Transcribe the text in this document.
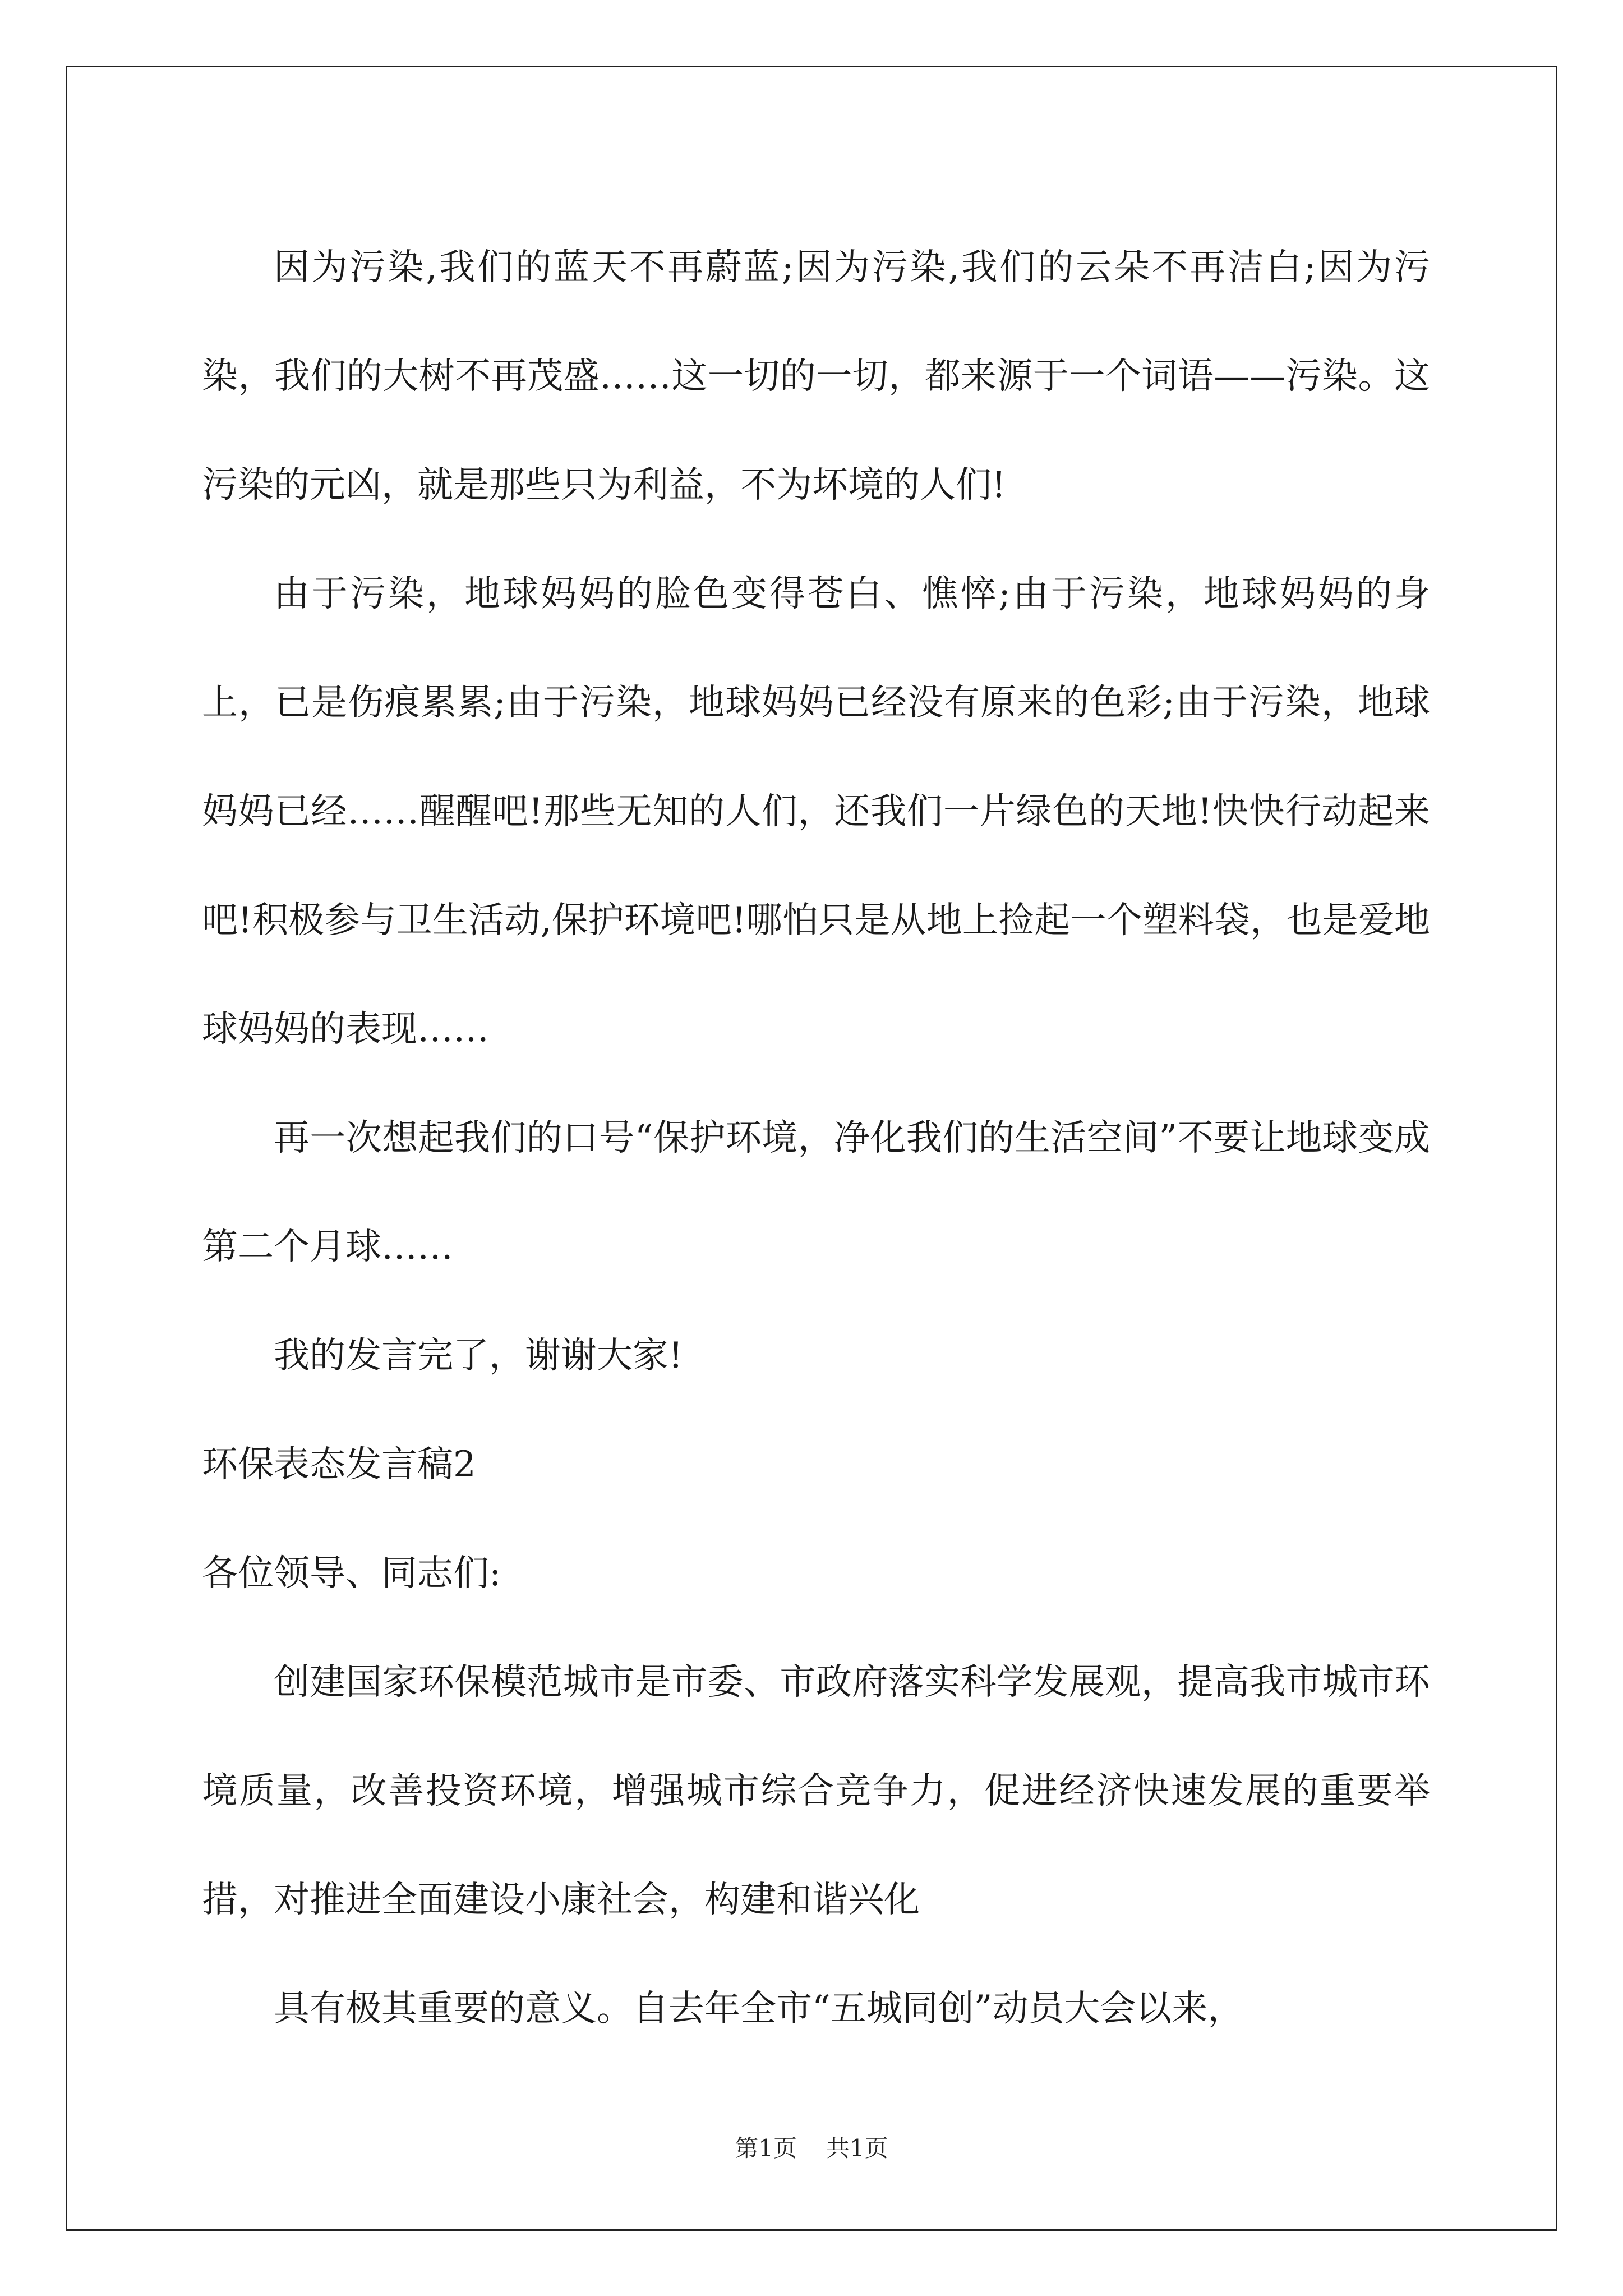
因为污染,我们的蓝天不再蔚蓝;因为污染,我们的云朵不再洁白;因为污染，我们的大树不再茂盛……这一切的一切，都来源于一个词语——污染。这污染的元凶，就是那些只为利益，不为坏境的人们!

由于污染，地球妈妈的脸色变得苍白、憔悴;由于污染，地球妈妈的身上，已是伤痕累累;由于污染，地球妈妈已经没有原来的色彩;由于污染，地球妈妈已经……醒醒吧!那些无知的人们，还我们一片绿色的天地!快快行动起来吧!积极参与卫生活动,保护环境吧!哪怕只是从地上捡起一个塑料袋，也是爱地球妈妈的表现……

再一次想起我们的口号“保护环境，净化我们的生活空间”不要让地球变成第二个月球……

我的发言完了，谢谢大家!

环保表态发言稿2

各位领导、同志们:

创建国家环保模范城市是市委、市政府落实科学发展观，提高我市城市环境质量，改善投资环境，增强城市综合竞争力，促进经济快速发展的重要举措，对推进全面建设小康社会，构建和谐兴化

具有极其重要的意义。自去年全市“五城同创”动员大会以来，

第1页 共1页
